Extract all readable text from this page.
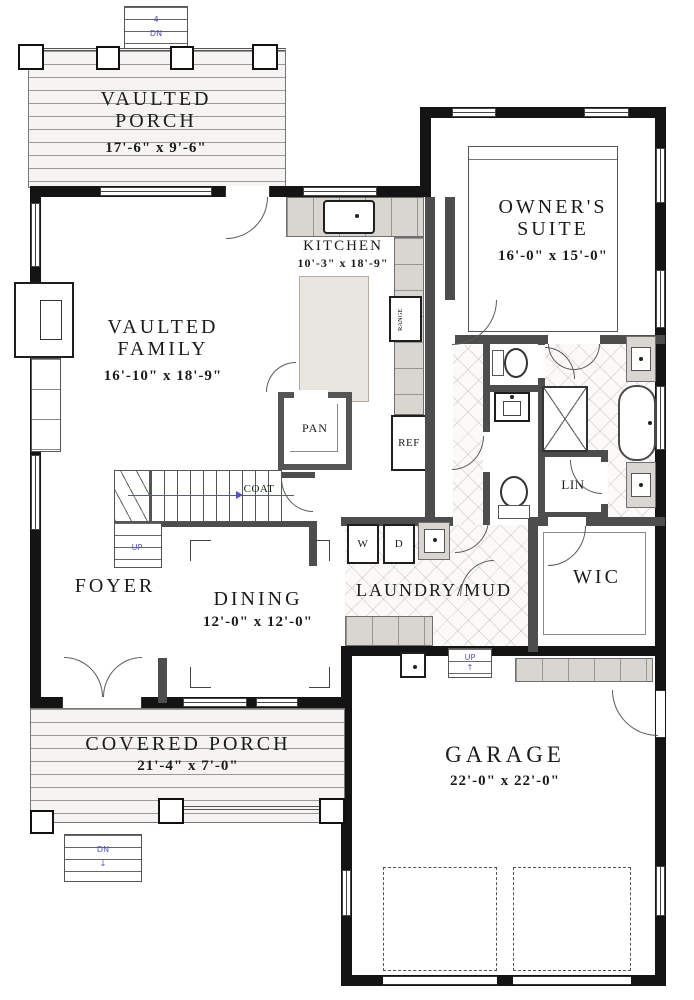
4
DN
VAULTED PORCH
17'-6" x 9'-6"
RANGE
REF
PAN
UP
COAT	LIN
W	D
UP
↑
DN
↓
KITCHEN
10'-3" x 18'-9"
OWNER'S SUITE
16'-0" x 15'-0"
VAULTED FAMILY
16'-10" x 18'-9"
FOYER
DINING
12'-0" x 12'-0"
LAUNDRY/MUD
WIC
COVERED PORCH
21'-4" x 7'-0"	GARAGE
22'-0" x 22'-0"
